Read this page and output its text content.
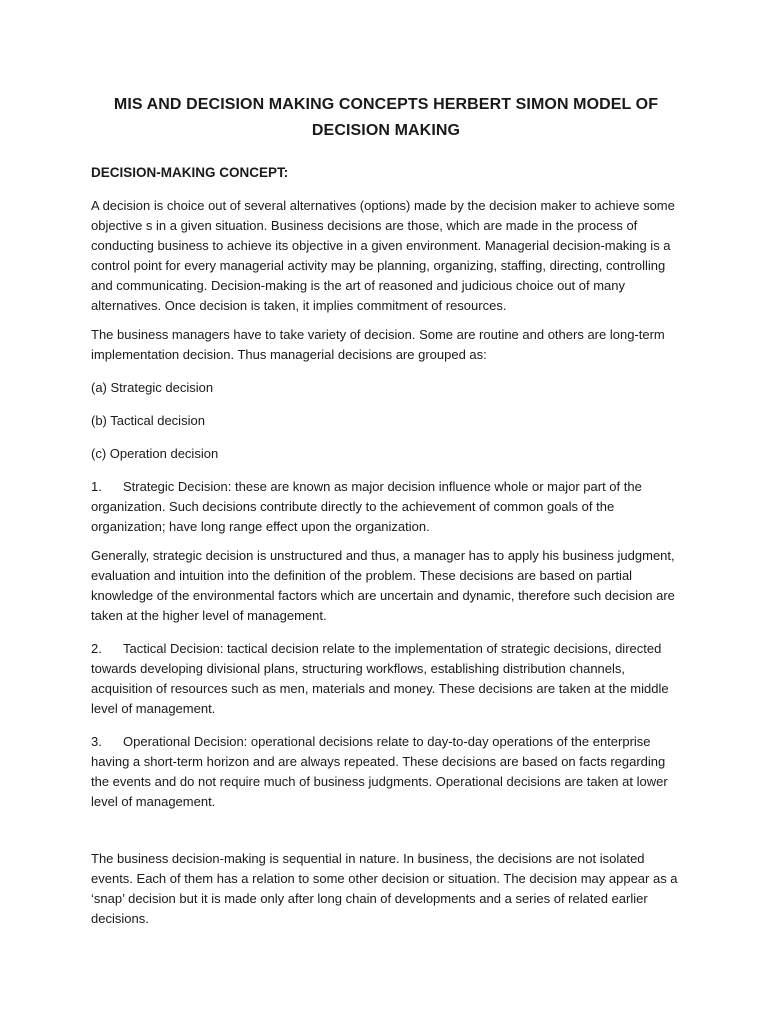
MIS AND DECISION MAKING CONCEPTS HERBERT SIMON MODEL OF DECISION MAKING
DECISION-MAKING CONCEPT:
A decision is choice out of several alternatives (options) made by the decision maker to achieve some objective s in a given situation. Business decisions are those, which are made in the process of conducting business to achieve its objective in a given environment. Managerial decision-making is a control point for every managerial activity may be planning, organizing, staffing, directing, controlling and communicating. Decision-making is the art of reasoned and judicious choice out of many alternatives. Once decision is taken, it implies commitment of resources.
The business managers have to take variety of decision. Some are routine and others are long-term implementation decision. Thus managerial decisions are grouped as:
(a) Strategic decision
(b) Tactical decision
(c) Operation decision
1. Strategic Decision: these are known as major decision influence whole or major part of the organization. Such decisions contribute directly to the achievement of common goals of the organization; have long range effect upon the organization.
Generally, strategic decision is unstructured and thus, a manager has to apply his business judgment, evaluation and intuition into the definition of the problem. These decisions are based on partial knowledge of the environmental factors which are uncertain and dynamic, therefore such decision are taken at the higher level of management.
2. Tactical Decision: tactical decision relate to the implementation of strategic decisions, directed towards developing divisional plans, structuring workflows, establishing distribution channels, acquisition of resources such as men, materials and money. These decisions are taken at the middle level of management.
3. Operational Decision: operational decisions relate to day-to-day operations of the enterprise having a short-term horizon and are always repeated. These decisions are based on facts regarding the events and do not require much of business judgments. Operational decisions are taken at lower level of management.
The business decision-making is sequential in nature. In business, the decisions are not isolated events. Each of them has a relation to some other decision or situation. The decision may appear as a ‘snap’ decision but it is made only after long chain of developments and a series of related earlier decisions.
